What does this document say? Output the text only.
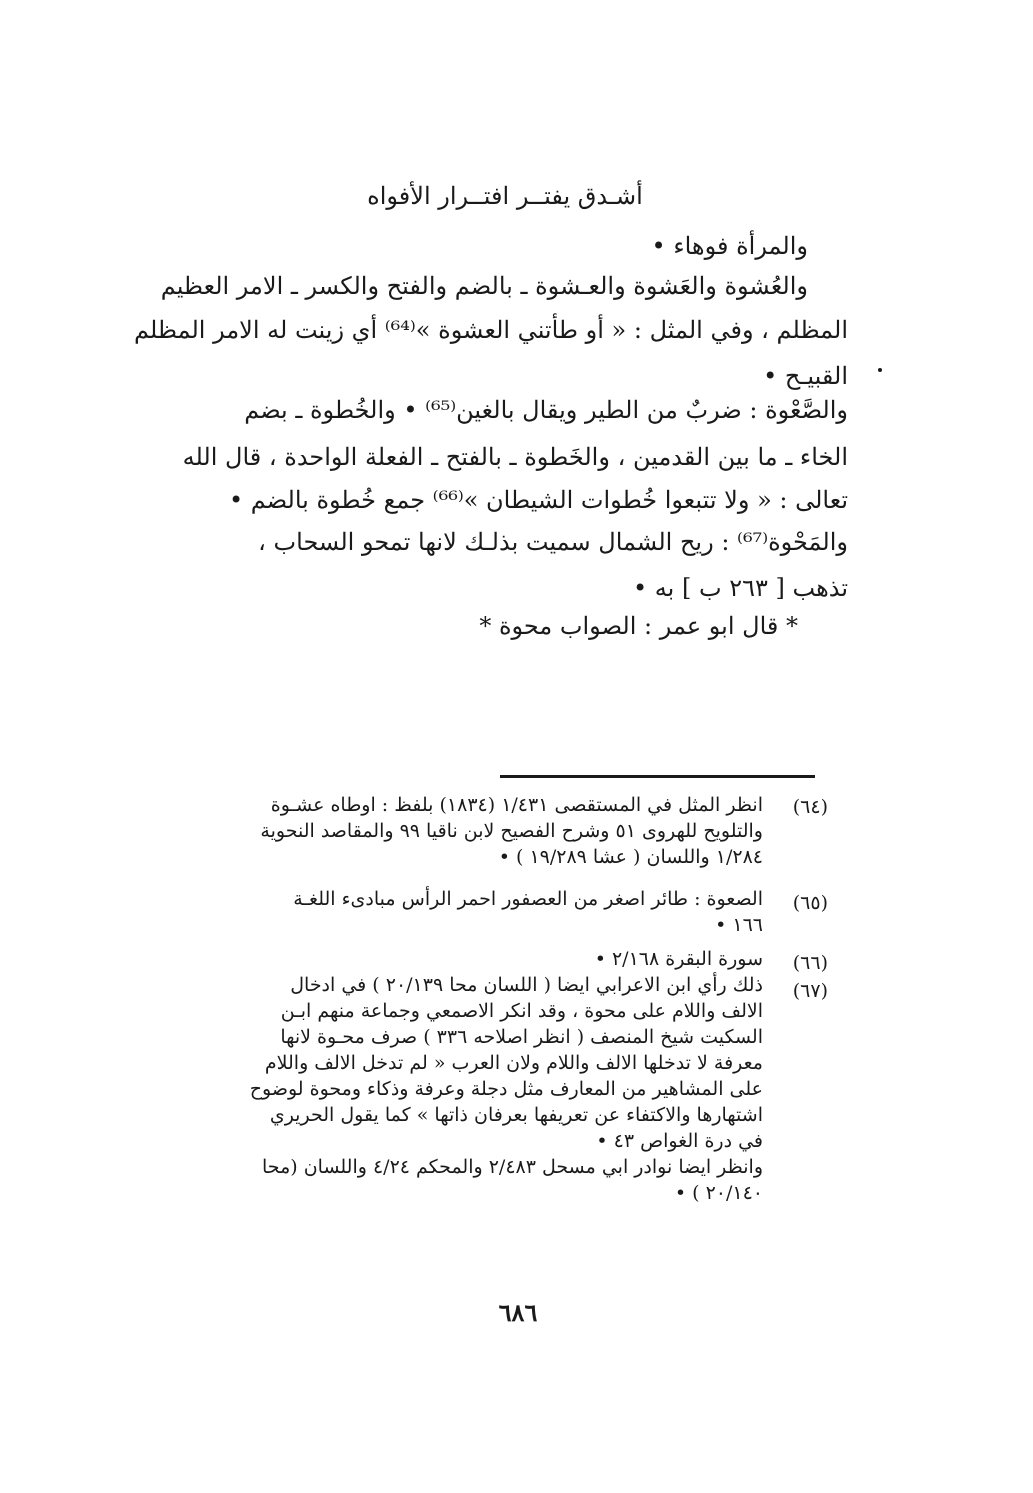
أشـدق يفتــر افتــرار الأفواه
والمرأة فوهاء •
والعُشوة والعَشوة والعـشوة ـ بالضم والفتح والكسر ـ الامر العظيم
المظلم ، وفي المثل : « أو طأتني العشوة »⁽⁶⁴⁾ أي زينت له الامر المظلم
القبيـح •
والصَّعْوة : ضربٌ من الطير ويقال بالغين⁽⁶⁵⁾ • والخُطوة ـ بضم
الخاء ـ ما بين القدمين ، والخَطوة ـ بالفتح ـ الفعلة الواحدة ، قال الله
تعالى : « ولا تتبعوا خُطوات الشيطان »⁽⁶⁶⁾ جمع خُطوة بالضم •
والمَحْوة⁽⁶⁷⁾ : ريح الشمال سميت بذلـك لانها تمحو السحاب ،
تذهب [ ٢٦٣ ب ] به •
* قال ابو عمر : الصواب محوة *
(٦٤)
انظر المثل في المستقصى ١/٤٣١ (١٨٣٤) بلفظ : اوطاه عشـوة
والتلويح للهروى ٥١ وشرح الفصيح لابن ناقيا ٩٩ والمقاصد النحوية
١/٢٨٤ واللسان ( عشا ١٩/٢٨٩ ) •
(٦٥)
الصعوة : طائر اصغر من العصفور احمر الرأس مبادىء اللغـة
١٦٦ •
(٦٦)
سورة البقرة ٢/١٦٨ •
(٦٧)
ذلك رأي ابن الاعرابي ايضا ( اللسان محا ٢٠/١٣٩ ) في ادخال
الالف واللام على محوة ، وقد انكر الاصمعي وجماعة منهم ابـن
السكيت شيخ المنصف ( انظر اصلاحه ٣٣٦ ) صرف محـوة لانها
معرفة لا تدخلها الالف واللام ولان العرب « لم تدخل الالف واللام
على المشاهير من المعارف مثل دجلة وعرفة وذكاء ومحوة لوضوح
اشتهارها والاكتفاء عن تعريفها بعرفان ذاتها » كما يقول الحريري
في درة الغواص ٤٣ •
وانظر ايضا نوادر ابي مسحل ٢/٤٨٣ والمحكم ٤/٢٤ واللسان (محا
٢٠/١٤٠ ) •
٦٨٦
